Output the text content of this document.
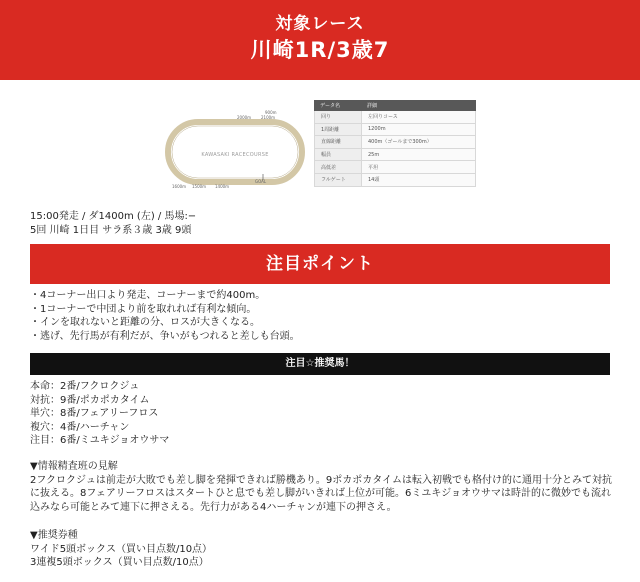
対象レース
川崎1R/3歳7
KAWASAKI RACECOURSE
900m
2000m 2100m
1600m 1500m 1400m
GOAL
データ名	詳細
回り	左回りコース
1周距離	1200m
直線距離	400m（ゴールまで300m）
幅員	25m
高低差	平坦
フルゲート	14頭
15:00発走 / ダ1400m (左) / 馬場:−
5回 川崎 1日目 サラ系３歳 3歳 9頭
注目ポイント
・4コーナー出口より発走、コーナーまで約400m。
・1コーナーで中団より前を取れれば有利な傾向。
・インを取れないと距離の分、ロスが大きくなる。
・逃げ、先行馬が有利だが、争いがもつれると差しも台頭。
注目☆推奨馬！
本命：2番/フクロクジュ
対抗：9番/ポカポカタイム
単穴：8番/フェアリーフロス
複穴：4番/ハーチャン
注目：6番/ミユキジョオウサマ
▼情報精査班の見解
2フクロクジュは前走が大敗でも差し脚を発揮できれば勝機あり。9ポカポカタイムは転入初戦でも格付け的に通用十分とみて対抗に抜える。8フェアリーフロスはスタートひと息でも差し脚がいきれば上位が可能。6ミユキジョオウサマは時計的に微妙でも流れ込みなら可能とみて連下に押さえる。先行力がある4ハーチャンが連下の押さえ。
▼推奨券種
ワイド5頭ボックス（買い目点数/10点）
3連複5頭ボックス（買い目点数/10点）
